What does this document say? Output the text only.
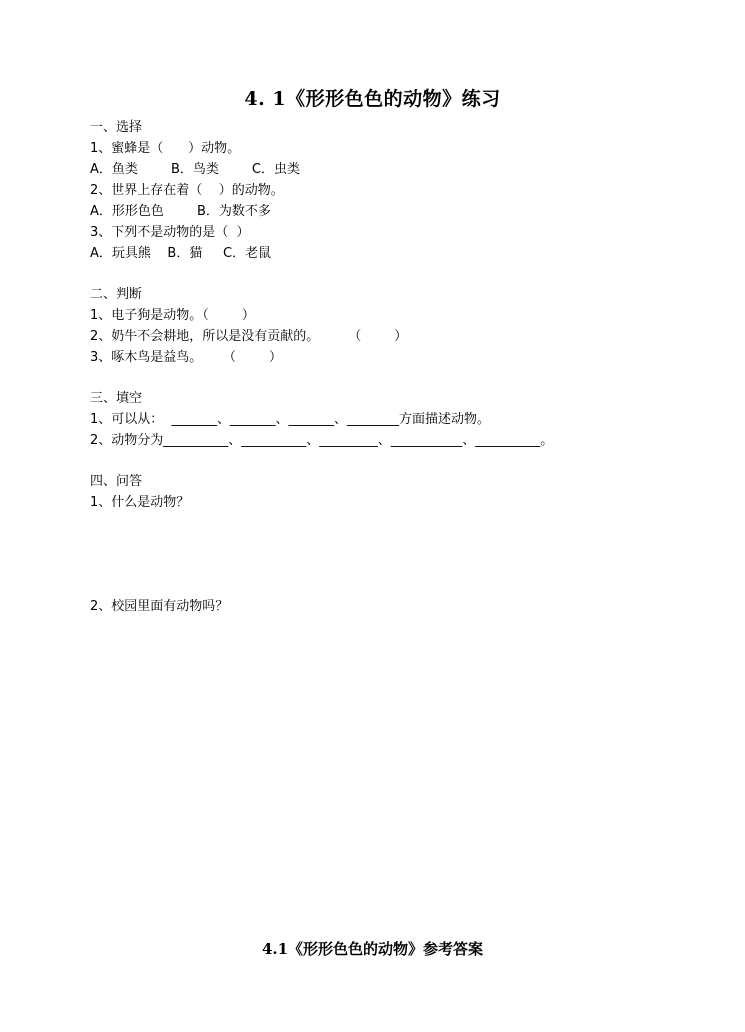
4. 1《形形色色的动物》练习
一、选择
1、蜜蜂是（      ）动物。
A．鱼类        B．鸟类        C．虫类
2、世界上存在着（    ）的动物。
A．形形色色        B．为数不多
3、下列不是动物的是（  ）
A．玩具熊    B．猫     C．老鼠
二、判断
1、电子狗是动物。（        ）
2、奶牛不会耕地，所以是没有贡献的。       （        ）
3、啄木鸟是益鸟。     （        ）
三、填空
1、可以从：  _______、_______、_______、________方面描述动物。
2、动物分为__________、__________、_________、___________、__________。
四、问答
1、什么是动物？
2、校园里面有动物吗？
4.1《形形色色的动物》参考答案
